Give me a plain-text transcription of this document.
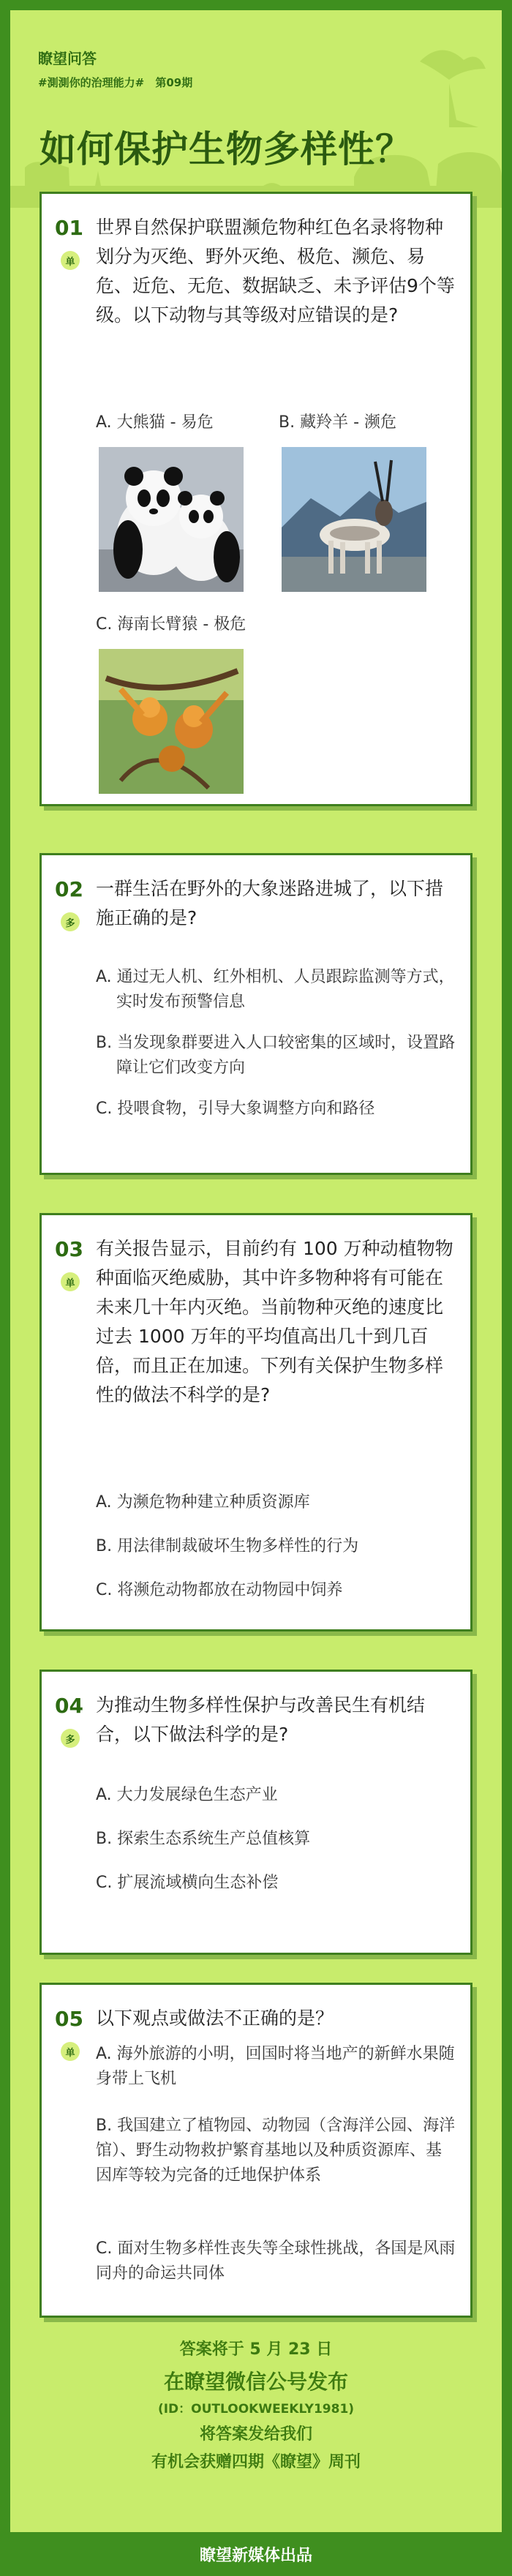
瞭望问答
#測測你的治理能力# 第09期
如何保护生物多样性？
01
单
世界自然保护联盟濒危物种红色名录将物种划分为灭绝、野外灭绝、极危、濒危、易危、近危、无危、数据缺乏、未予评估9个等级。以下动物与其等级对应错误的是?
A. 大熊猫 - 易危	B. 藏羚羊 - 濒危
C. 海南长臂猿 - 极危
02
多
一群生活在野外的大象迷路进城了，以下措施正确的是?
A. 通过无人机、红外相机、人员跟踪监测等方式，实时发布预警信息
B. 当发现象群要进入人口较密集的区域时，设置路障让它们改变方向
C. 投喂食物，引导大象调整方向和路径
03
单
有关报告显示，目前约有 100 万种动植物物种面临灭绝威胁，其中许多物种将有可能在未来几十年内灭绝。当前物种灭绝的速度比过去 1000 万年的平均值高出几十到几百倍，而且正在加速。下列有关保护生物多样性的做法不科学的是?
A. 为濒危物种建立种质资源库
B. 用法律制裁破坏生物多样性的行为
C. 将濒危动物都放在动物园中饲养
04
多
为推动生物多样性保护与改善民生有机结合，以下做法科学的是?
A. 大力发展绿色生态产业
B. 探索生态系统生产总值核算
C. 扩展流域横向生态补偿
05
单
以下观点或做法不正确的是？
A. 海外旅游的小明，回国时将当地产的新鲜水果随身带上飞机
B. 我国建立了植物园、动物园（含海洋公园、海洋馆）、野生动物救护繁育基地以及种质资源库、基因库等较为完备的迁地保护体系
C. 面对生物多样性丧失等全球性挑战，各国是风雨同舟的命运共同体
答案将于 5 月 23 日
在瞭望微信公号发布
(ID：OUTLOOKWEEKLY1981)
将答案发给我们
有机会获赠四期《瞭望》周刊
瞭望新媒体出品
